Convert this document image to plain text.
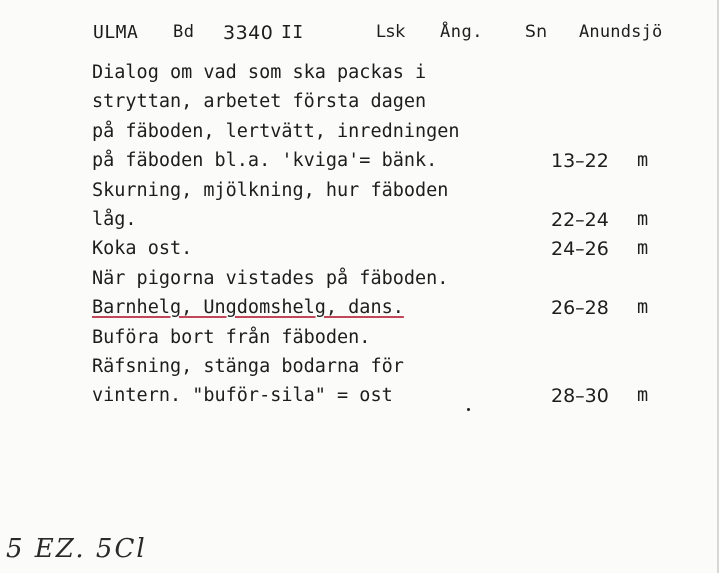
ULMA Bd 3340 II	Lsk Ång. Sn Anundsjö
Dialog om vad som ska packas i
stryttan, arbetet första dagen
på fäboden, lertvätt, inredningen
på fäboden bl.a. 'kviga'= bänk.	13–22 m
Skurning, mjölkning, hur fäboden
låg.	22–24 m
Koka ost.	24–26 m
När pigorna vistades på fäboden.
Barnhelg, Ungdomshelg, dans.	26–28 m
Buföra bort från fäboden.
Räfsning, stänga bodarna för
vintern. "buför-sila" = ost	28–30 m
5 EZ. 5Cl
